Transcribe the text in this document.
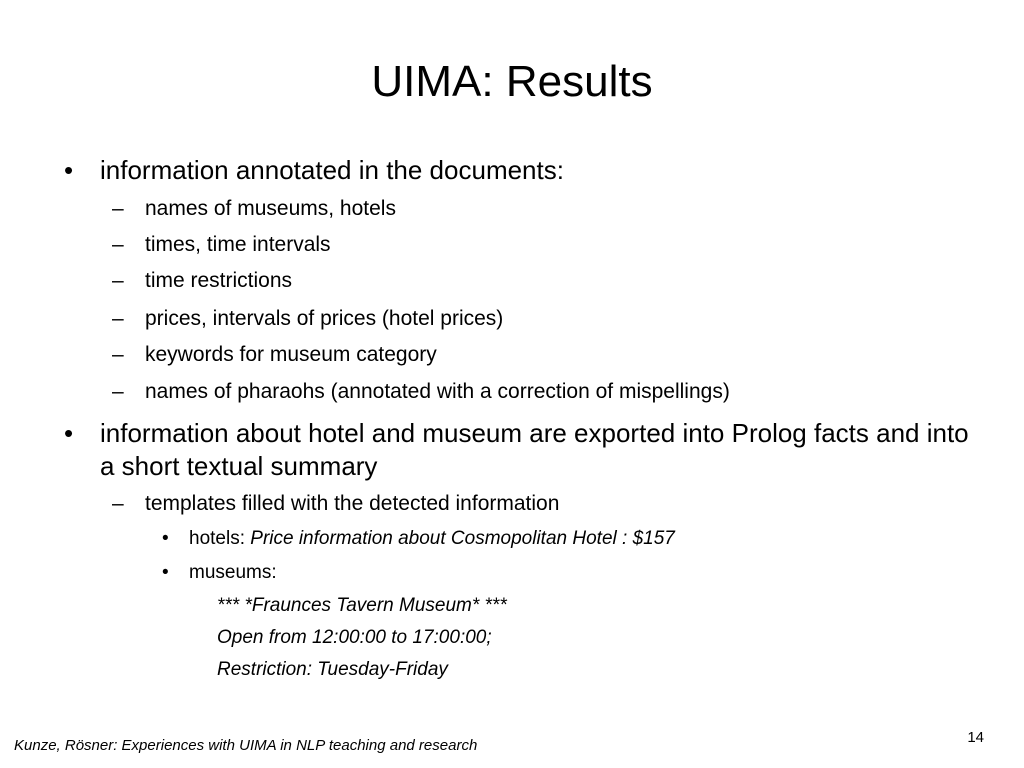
UIMA: Results
• information annotated in the documents:
– names of museums, hotels
– times, time intervals
– time restrictions
– prices, intervals of prices (hotel prices)
– keywords for museum category
– names of pharaohs (annotated with a correction of mispellings)
• information about hotel and museum are exported into Prolog facts and into a short textual summary
– templates filled with the detected information
• hotels: Price information about Cosmopolitan Hotel : $157
• museums:
*** *Fraunces Tavern Museum* ***
Open from 12:00:00 to 17:00:00;
Restriction: Tuesday-Friday
Kunze, Rösner: Experiences with UIMA in NLP teaching and research	14
